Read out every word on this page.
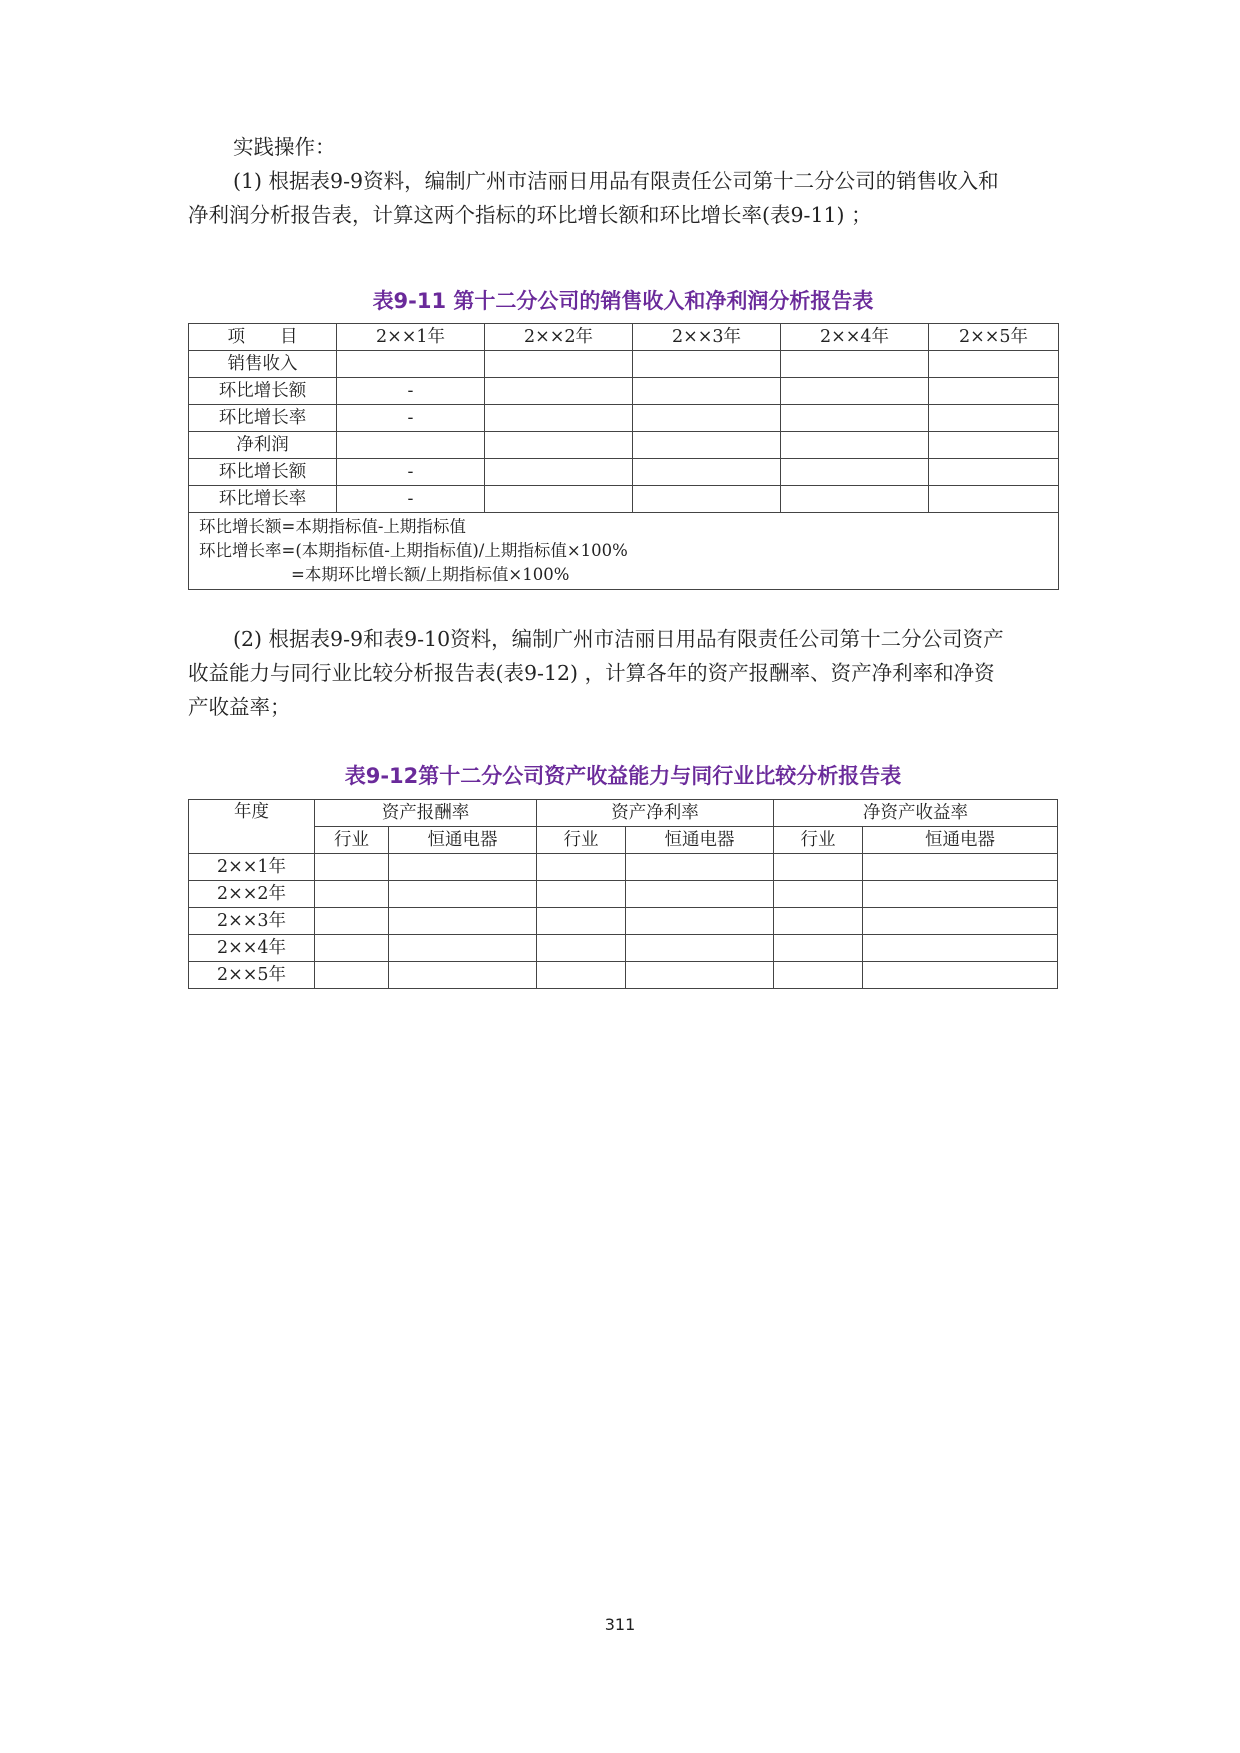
实践操作：
(1) 根据表9-9资料，编制广州市洁丽日用品有限责任公司第十二分公司的销售收入和
净利润分析报告表，计算这两个指标的环比增长额和环比增长率(表9-11) ；
表9-11 第十二分公司的销售收入和净利润分析报告表
项　　目	2××1年	2××2年	2××3年	2××4年	2××5年
销售收入					
环比增长额	-				
环比增长率	-				
净利润					
环比增长额	-				
环比增长率	-				

环比增长额=本期指标值-上期指标值
环比增长率=(本期指标值-上期指标值)/上期指标值×100%
=本期环比增长额/上期指标值×100%					
(2) 根据表9-9和表9-10资料，编制广州市洁丽日用品有限责任公司第十二分公司资产
收益能力与同行业比较分析报告表(表9-12) ，计算各年的资产报酬率、资产净利率和净资
产收益率；
表9-12第十二分公司资产收益能力与同行业比较分析报告表
年度	资产报酬率		资产净利率		净资产收益率	
	行业	恒通电器	行业	恒通电器	行业	恒通电器
2××1年						
2××2年						
2××3年						
2××4年						
2××5年						
311
